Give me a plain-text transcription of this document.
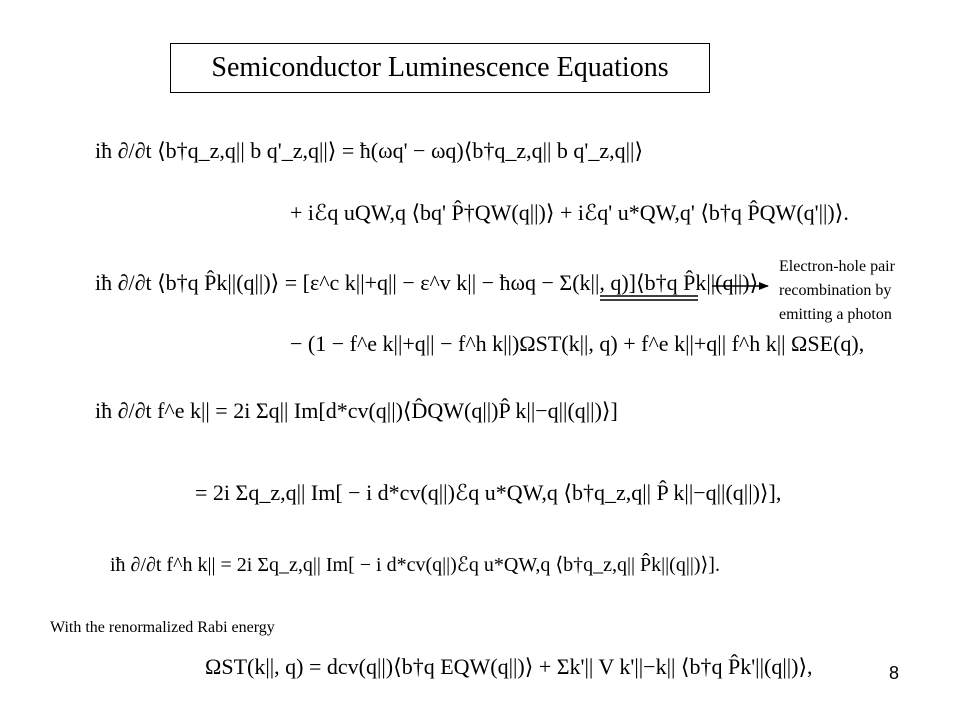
Semiconductor Luminescence Equations
iħ ∂/∂t ⟨b†q_z,q|| b q'_z,q||⟩ = ħ(ωq' − ωq)⟨b†q_z,q|| b q'_z,q||⟩
+ iℰq uQW,q ⟨bq' P̂†QW(q||)⟩ + iℰq' u*QW,q' ⟨b†q P̂QW(q'||)⟩.
iħ ∂/∂t ⟨b†q P̂k||(q||)⟩ = [ε^c k||+q|| − ε^v k|| − ħωq − Σ(k||, q)]⟨b†q P̂k||(q||)⟩
− (1 − f^e k||+q|| − f^h k||)ΩST(k||, q) + f^e k||+q|| f^h k|| ΩSE(q),
iħ ∂/∂t f^e k|| = 2i Σq|| Im[d*cv(q||)⟨D̂QW(q||)P̂ k||−q||(q||)⟩]
= 2i Σq_z,q|| Im[ − i d*cv(q||)ℰq u*QW,q ⟨b†q_z,q|| P̂ k||−q||(q||)⟩],
iħ ∂/∂t f^h k|| = 2i Σq_z,q|| Im[ − i d*cv(q||)ℰq u*QW,q ⟨b†q_z,q|| P̂k||(q||)⟩].
ΩST(k||, q) = dcv(q||)⟨b†q EQW(q||)⟩ + Σk'|| V k'||−k|| ⟨b†q P̂k'||(q||)⟩,
Electron-hole pair recombination by emitting a photon
With the renormalized Rabi energy
8
